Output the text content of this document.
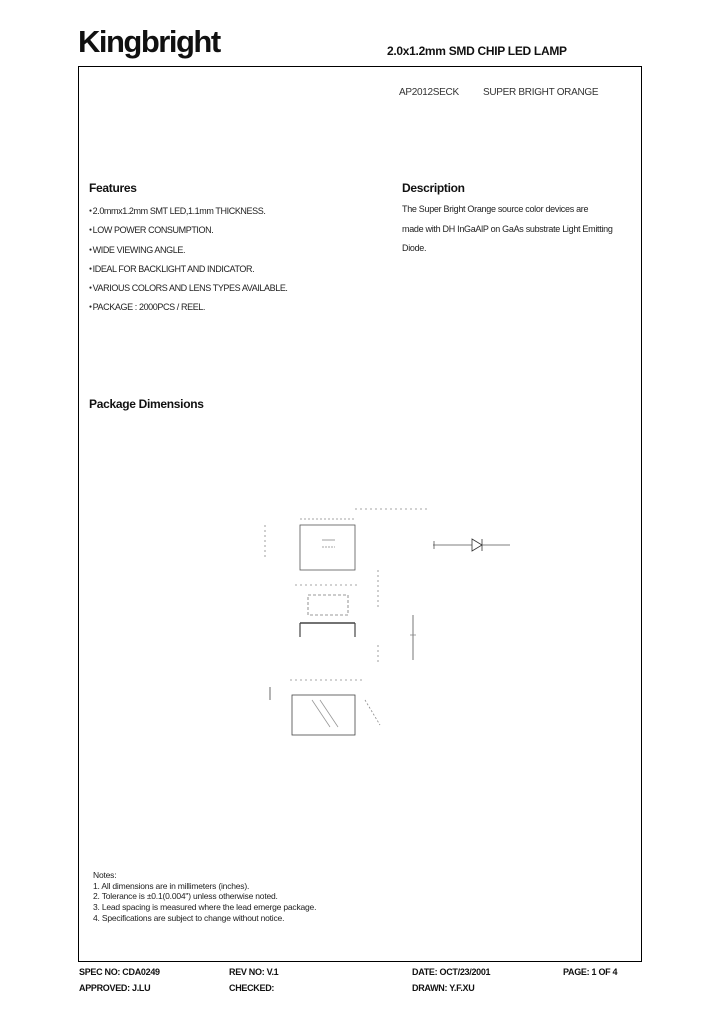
Kingbright	2.0x1.2mm SMD CHIP LED LAMP
AP2012SECK SUPER BRIGHT ORANGE
Features
● 2.0mmx1.2mm SMT LED,1.1mm THICKNESS.
● LOW POWER CONSUMPTION.
● WIDE VIEWING ANGLE.
● IDEAL FOR BACKLIGHT AND INDICATOR.
● VARIOUS COLORS AND LENS TYPES AVAILABLE.
● PACKAGE : 2000PCS / REEL.
Description
The Super Bright Orange source color devices are
made with DH InGaAlP on GaAs substrate Light Emitting
Diode.
Package Dimensions
Notes:
1. All dimensions are in millimeters (inches).
2. Tolerance is ±0.1(0.004") unless otherwise noted.
3. Lead spacing is measured where the lead emerge package.
4. Specifications are subject to change without notice.
SPEC NO: CDA0249	REV NO: V.1	DATE: OCT/23/2001	PAGE: 1 OF 4
APPROVED: J.LU	CHECKED:	DRAWN: Y.F.XU
